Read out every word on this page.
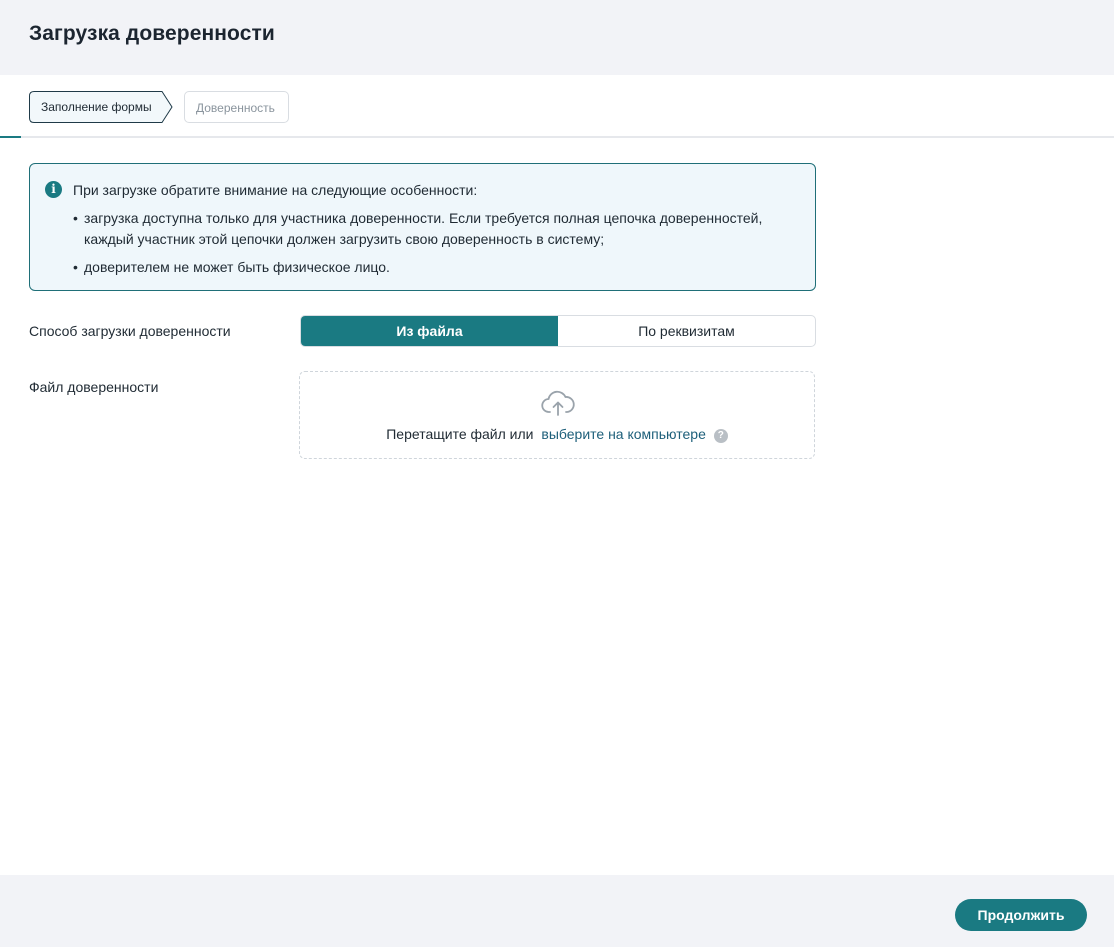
Загрузка доверенности
Заполнение формы	Доверенность
i	При загрузке обратите внимание на следующие особенности:
• загрузка доступна только для участника доверенности. Если требуется полная цепочка доверенностей, каждый участник этой цепочки должен загрузить свою доверенность в систему;
• доверителем не может быть физическое лицо.
Способ загрузки доверенности	Из файла	По реквизитам
Файл доверенности
Перетащите файл или выберите на компьютере ?
Продолжить
